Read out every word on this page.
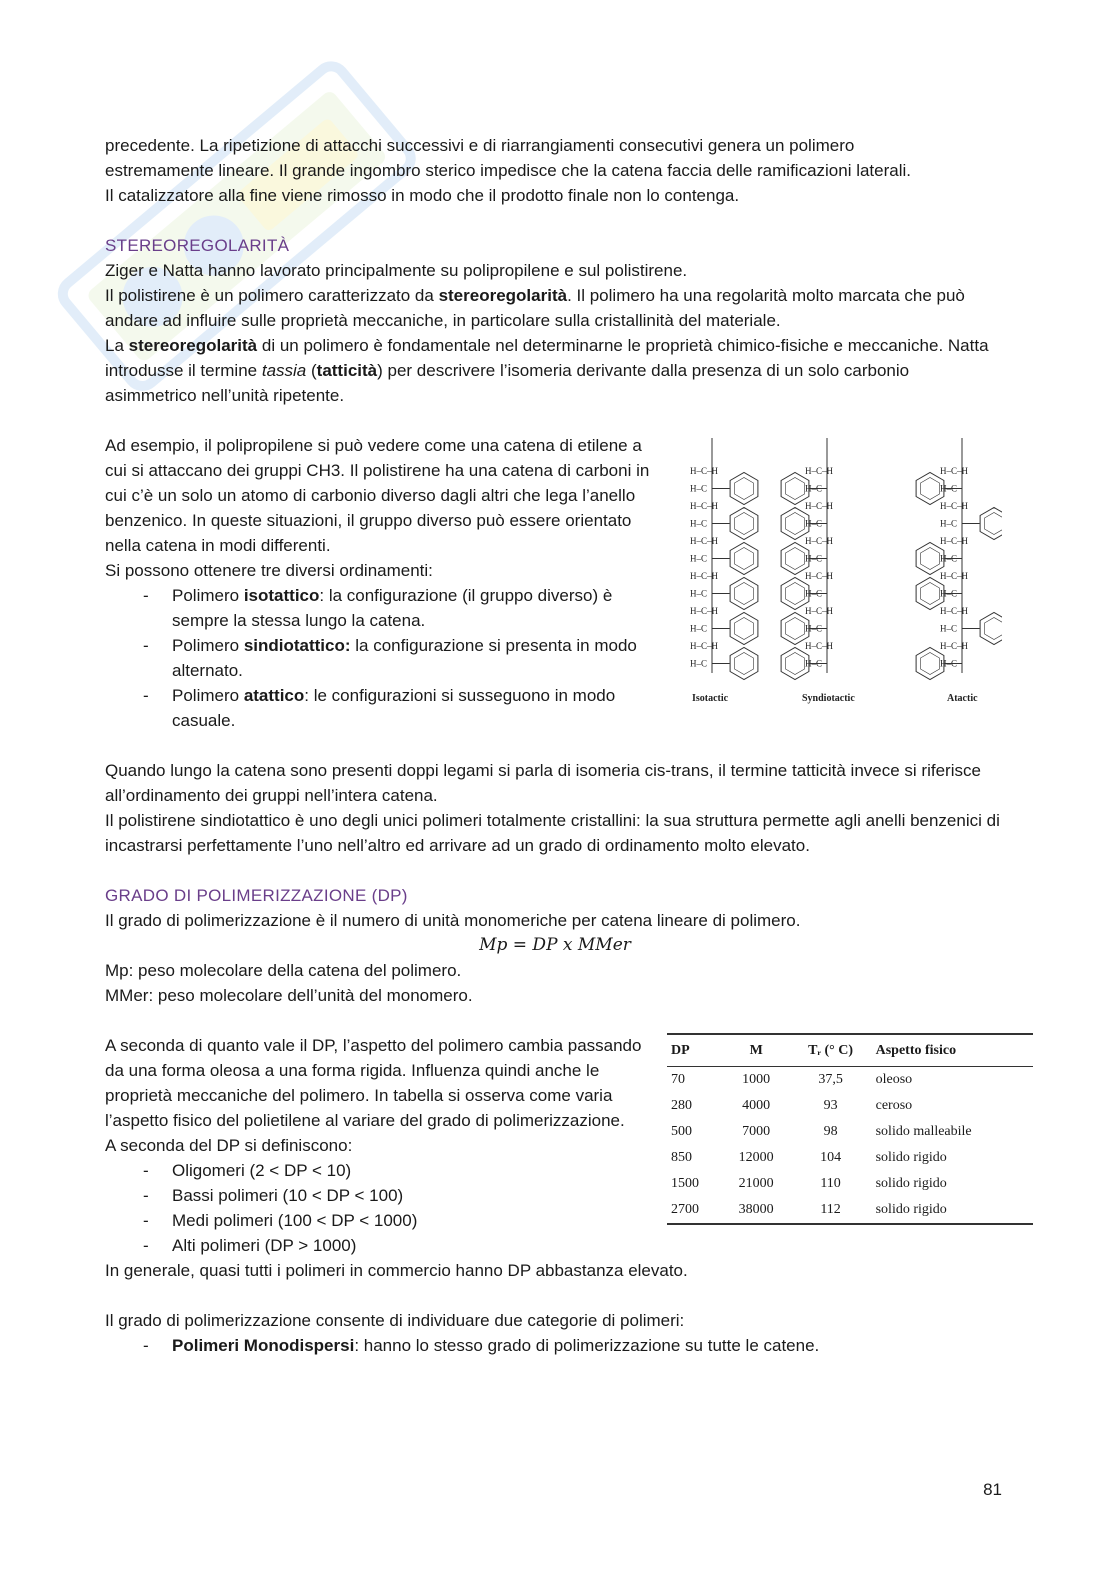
precedente. La ripetizione di attacchi successivi e di riarrangiamenti consecutivi genera un polimero

estremamente lineare. Il grande ingombro sterico impedisce che la catena faccia delle ramificazioni laterali.

Il catalizzatore alla fine viene rimosso in modo che il prodotto finale non lo contenga.

STEREOREGOLARITÀ

Ziger e Natta hanno lavorato principalmente su polipropilene e sul polistirene.

Il polistirene è un polimero caratterizzato da stereoregolarità. Il polimero ha una regolarità molto marcata che può andare ad influire sulle proprietà meccaniche, in particolare sulla cristallinità del materiale.

La stereoregolarità di un polimero è fondamentale nel determinarne le proprietà chimico-fisiche e meccaniche. Natta introdusse il termine tassia (tatticità) per descrivere l’isomeria derivante dalla presenza di un solo carbonio asimmetrico nell’unità ripetente.

Ad esempio, il polipropilene si può vedere come una catena di etilene a cui si attaccano dei gruppi CH3. Il polistirene ha una catena di carboni in cui c’è un solo un atomo di carbonio diverso dagli altri che lega l’anello benzenico. In queste situazioni, il gruppo diverso può essere orientato nella catena in modi differenti.

Si possono ottenere tre diversi ordinamenti:

- Polimero isotattico: la configurazione (il gruppo diverso) è sempre la stessa lungo la catena.
- Polimero sindiotattico: la configurazione si presenta in modo alternato.
- Polimero atattico: le configurazioni si susseguono in modo casuale.
H–C–H
H–C
H–C–H
H–C
H–C–H
H–C
H–C–H
H–C
H–C–H
H–C
H–C–H
H–C
H–C–H
H–C
H–C–H
H–C
H–C–H
H–C
H–C–H
H–C
H–C–H
H–C
H–C–H
H–C
H–C–H
H–C
H–C–H
H–C
H–C–H
H–C
H–C–H
H–C
H–C–H
H–C
H–C–H
H–C
Isotactic	Syndiotactic	Atactic

Quando lungo la catena sono presenti doppi legami si parla di isomeria cis-trans, il termine tatticità invece si riferisce all’ordinamento dei gruppi nell’intera catena.

Il polistirene sindiotattico è uno degli unici polimeri totalmente cristallini: la sua struttura permette agli anelli benzenici di incastrarsi perfettamente l’uno nell’altro ed arrivare ad un grado di ordinamento molto elevato.

GRADO DI POLIMERIZZAZIONE (DP)

Il grado di polimerizzazione è il numero di unità monomeriche per catena lineare di polimero.

Mp = DP x MMer

Mp: peso molecolare della catena del polimero.

MMer: peso molecolare dell’unità del monomero.

A seconda di quanto vale il DP, l’aspetto del polimero cambia passando da una forma oleosa a una forma rigida. Influenza quindi anche le proprietà meccaniche del polimero. In tabella si osserva come varia l’aspetto fisico del polietilene al variare del grado di polimerizzazione.

A seconda del DP si definiscono:

- Oligomeri (2 < DP < 10)
- Bassi polimeri (10 < DP < 100)
- Medi polimeri (100 < DP < 1000)
- Alti polimeri (DP > 1000)
DP	M	Tᵣ (° C)	Aspetto fisico
70	1000	37,5	oleoso
280	4000	93	ceroso
500	7000	98	solido malleabile
850	12000	104	solido rigido
1500	21000	110	solido rigido
2700	38000	112	solido rigido

In generale, quasi tutti i polimeri in commercio hanno DP abbastanza elevato.

Il grado di polimerizzazione consente di individuare due categorie di polimeri:

- Polimeri Monodispersi: hanno lo stesso grado di polimerizzazione su tutte le catene.
81
